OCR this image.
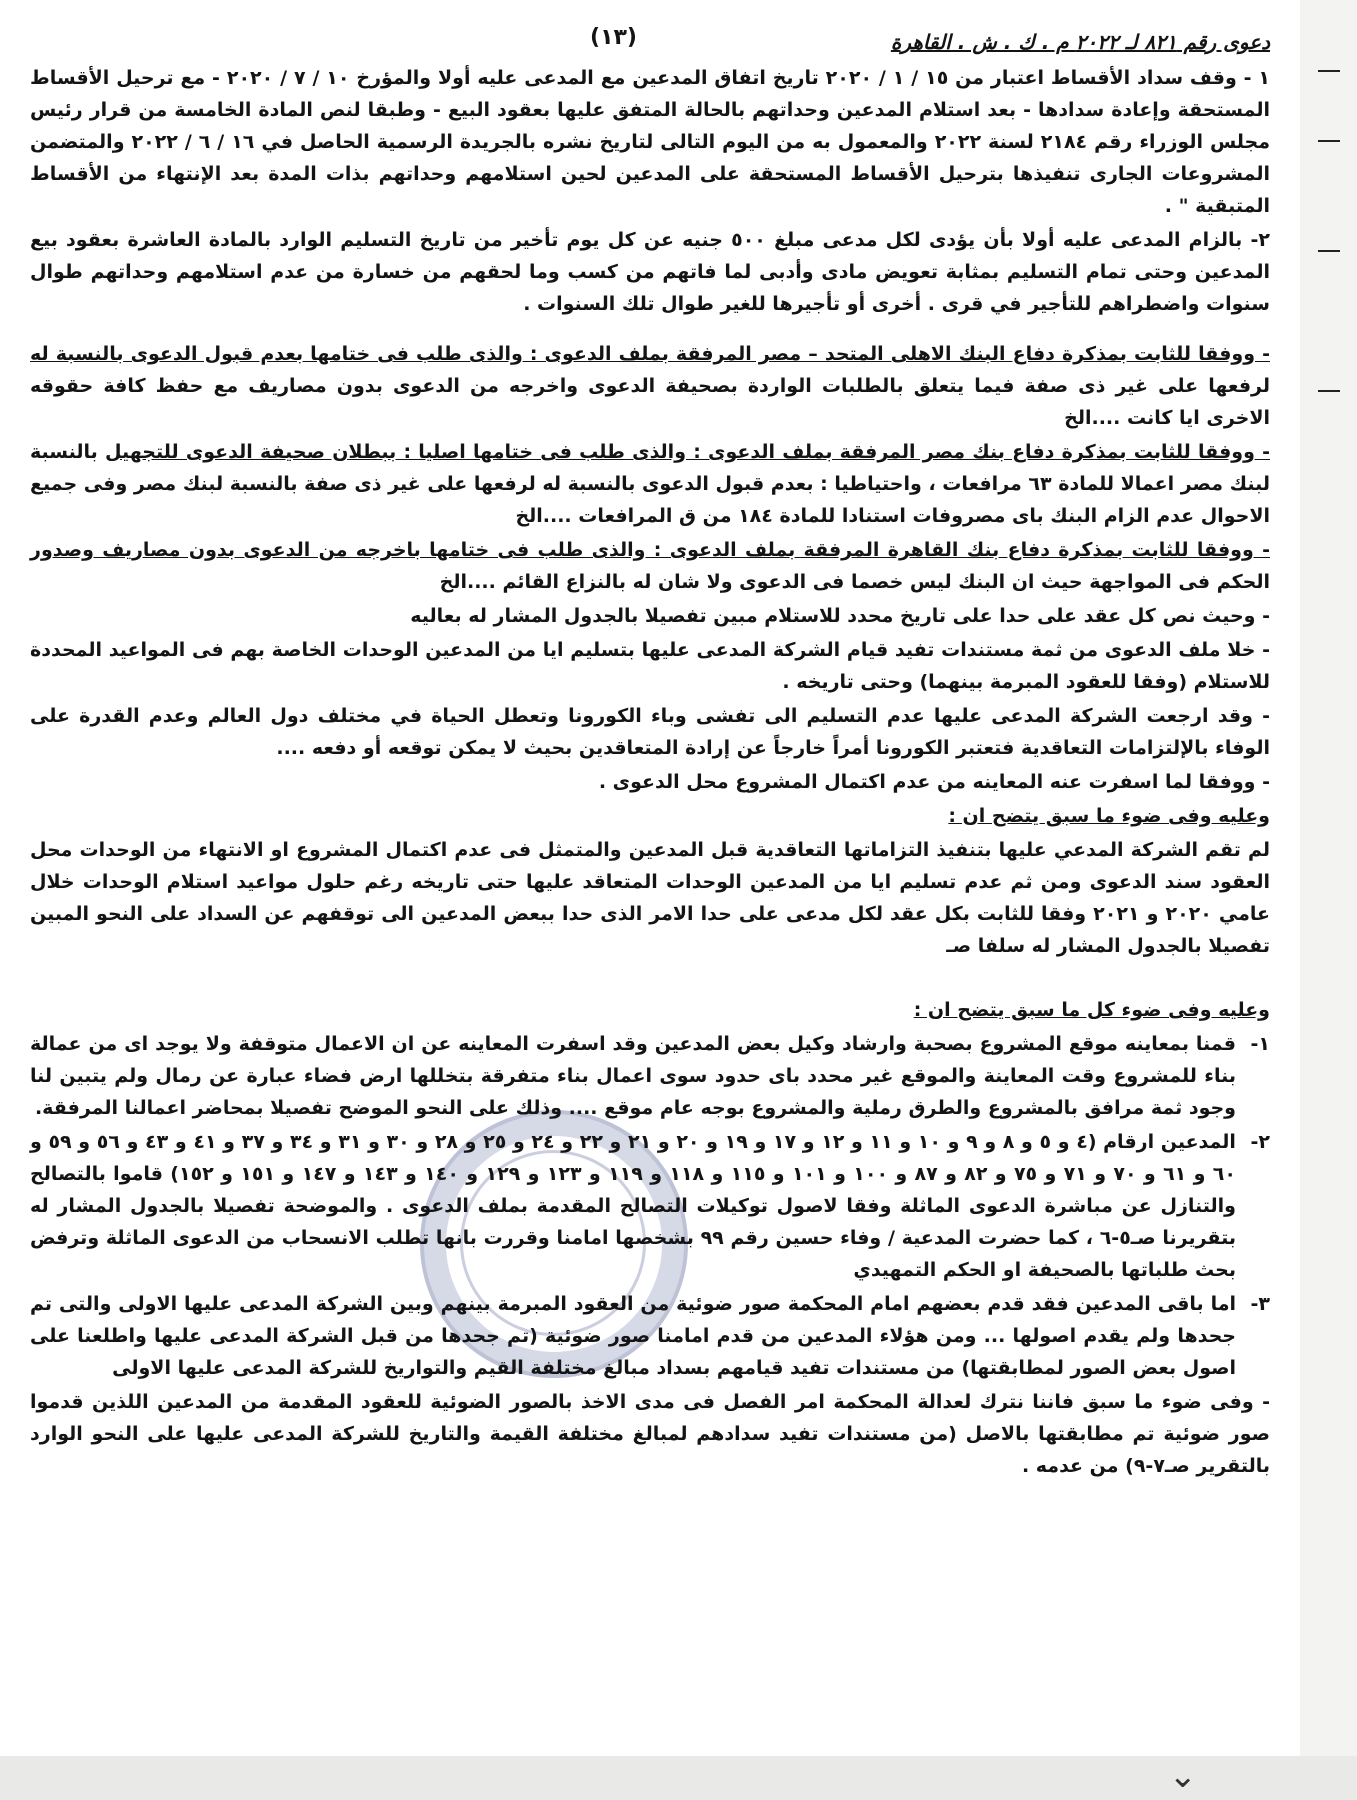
دعوى رقم ٨٢١ لـ ٢٠٢٢ م . ك . ش . القاهرة
(١٣)

١ - وقف سداد الأقساط اعتبار من ١٥ / ١ / ٢٠٢٠ تاريخ اتفاق المدعين مع المدعى عليه أولا والمؤرخ ١٠ / ٧ / ٢٠٢٠ - مع ترحيل الأقساط المستحقة وإعادة سدادها - بعد استلام المدعين وحداتهم بالحالة المتفق عليها بعقود البيع - وطبقا لنص المادة الخامسة من قرار رئيس مجلس الوزراء رقم ٢١٨٤ لسنة ٢٠٢٢ والمعمول به من اليوم التالى لتاريخ نشره بالجريدة الرسمية الحاصل في ١٦ / ٦ / ٢٠٢٢ والمتضمن المشروعات الجارى تنفيذها بترحيل الأقساط المستحقة على المدعين لحين استلامهم وحداتهم بذات المدة بعد الإنتهاء من الأقساط المتبقية " .

٢- بالزام المدعى عليه أولا بأن يؤدى لكل مدعى مبلغ ٥٠٠ جنيه عن كل يوم تأخير من تاريخ التسليم الوارد بالمادة العاشرة بعقود بيع المدعين وحتى تمام التسليم بمثابة تعويض مادى وأدبى لما فاتهم من كسب وما لحقهم من خسارة من عدم استلامهم وحداتهم طوال سنوات واضطراهم للتأجير في قرى . أخرى أو تأجيرها للغير طوال تلك السنوات .

- ووفقا للثابت بمذكرة دفاع البنك الاهلى المتحد – مصر المرفقة بملف الدعوى : والذى طلب فى ختامها بعدم قبول الدعوى بالنسبة له لرفعها على غير ذى صفة فيما يتعلق بالطلبات الواردة بصحيفة الدعوى واخرجه من الدعوى بدون مصاريف مع حفظ كافة حقوقه الاخرى ايا كانت ....الخ

- ووفقا للثابت بمذكرة دفاع بنك مصر المرفقة بملف الدعوى : والذى طلب فى ختامها اصليا : ببطلان صحيفة الدعوى للتجهيل بالنسبة لبنك مصر اعمالا للمادة ٦٣ مرافعات ، واحتياطيا : بعدم قبول الدعوى بالنسبة له لرفعها على غير ذى صفة بالنسبة لبنك مصر وفى جميع الاحوال عدم الزام البنك باى مصروفات استنادا للمادة ١٨٤ من ق المرافعات ....الخ

- ووفقا للثابت بمذكرة دفاع بنك القاهرة المرفقة بملف الدعوى : والذى طلب فى ختامها باخرجه من الدعوى بدون مصاريف وصدور الحكم فى المواجهة حيث ان البنك ليس خصما فى الدعوى ولا شان له بالنزاع القائم ....الخ

- وحيث نص كل عقد على حدا على تاريخ محدد للاستلام مبين تفصيلا بالجدول المشار له بعاليه

- خلا ملف الدعوى من ثمة مستندات تفيد قيام الشركة المدعى عليها بتسليم ايا من المدعين الوحدات الخاصة بهم فى المواعيد المحددة للاستلام (وفقا للعقود المبرمة بينهما) وحتى تاريخه .

- وقد ارجعت الشركة المدعى عليها عدم التسليم الى تفشى وباء الكورونا وتعطل الحياة في مختلف دول العالم وعدم القدرة على الوفاء بالإلتزامات التعاقدية فتعتبر الكورونا أمراً خارجاً عن إرادة المتعاقدين بحيث لا يمكن توقعه أو دفعه ....

- ووفقا لما اسفرت عنه المعاينه من عدم اكتمال المشروع محل الدعوى .

وعليه وفى ضوء ما سبق يتضح ان :

لم تقم الشركة المدعي عليها بتنفيذ التزاماتها التعاقدية قبل المدعين والمتمثل فى عدم اكتمال المشروع او الانتهاء من الوحدات محل العقود سند الدعوى ومن ثم عدم تسليم ايا من المدعين الوحدات المتعاقد عليها حتى تاريخه رغم حلول مواعيد استلام الوحدات خلال عامي ٢٠٢٠ و ٢٠٢١ وفقا للثابت بكل عقد لكل مدعى على حدا الامر الذى حدا ببعض المدعين الى توقفهم عن السداد على النحو المبين تفصيلا بالجدول المشار له سلفا صـ

وعليه وفى ضوء كل ما سبق يتضح ان :

١-
قمنا بمعاينه موقع المشروع بصحبة وارشاد وكيل بعض المدعين وقد اسفرت المعاينه عن ان الاعمال متوقفة ولا يوجد اى من عمالة بناء للمشروع وقت المعاينة والموقع غير محدد باى حدود سوى اعمال بناء متفرقة بتخللها ارض فضاء عبارة عن رمال ولم يتبين لنا وجود ثمة مرافق بالمشروع والطرق رملية والمشروع بوجه عام موقع .... وذلك على النحو الموضح تفصيلا بمحاضر اعمالنا المرفقة.
٢-
المدعين ارقام (٤ و ٥ و ٨ و ٩ و ١٠ و ١١ و ١٢ و ١٧ و ١٩ و ٢٠ و ٢١ و ٢٢ و ٢٤ و ٢٥ و ٢٨ و ٣٠ و ٣١ و ٣٤ و ٣٧ و ٤١ و ٤٣ و ٥٦ و ٥٩ و ٦٠ و ٦١ و ٧٠ و ٧١ و ٧٥ و ٨٢ و ٨٧ و ١٠٠ و ١٠١ و ١١٥ و ١١٨ و ١١٩ و ١٢٣ و ١٢٩ و ١٤٠ و ١٤٣ و ١٤٧ و ١٥١ و ١٥٢) قاموا بالتصالح والتنازل عن مباشرة الدعوى الماثلة وفقا لاصول توكيلات التصالح المقدمة بملف الدعوى . والموضحة تفصيلا بالجدول المشار له بتقريرنا صـ٥-٦ ، كما حضرت المدعية / وفاء حسين رقم ٩٩ بشخصها امامنا وقررت بانها تطلب الانسحاب من الدعوى الماثلة وترفض بحث طلباتها بالصحيفة او الحكم التمهيدي
٣-
اما باقى المدعين فقد قدم بعضهم امام المحكمة صور ضوئية من العقود المبرمة بينهم وبين الشركة المدعى عليها الاولى والتى تم جحدها ولم يقدم اصولها ... ومن هؤلاء المدعين من قدم امامنا صور ضوئية (تم جحدها من قبل الشركة المدعى عليها واطلعنا على اصول بعض الصور لمطابقتها) من مستندات تفيد قيامهم بسداد مبالغ مختلفة القيم والتواريخ للشركة المدعى عليها الاولى

- وفى ضوء ما سبق فاننا نترك لعدالة المحكمة امر الفصل فى مدى الاخذ بالصور الضوئية للعقود المقدمة من المدعين اللذين قدموا صور ضوئية تم مطابقتها بالاصل (من مستندات تفيد سدادهم لمبالغ مختلفة القيمة والتاريخ للشركة المدعى عليها على النحو الوارد بالتقرير صـ٧-٩) من عدمه .

⌄
